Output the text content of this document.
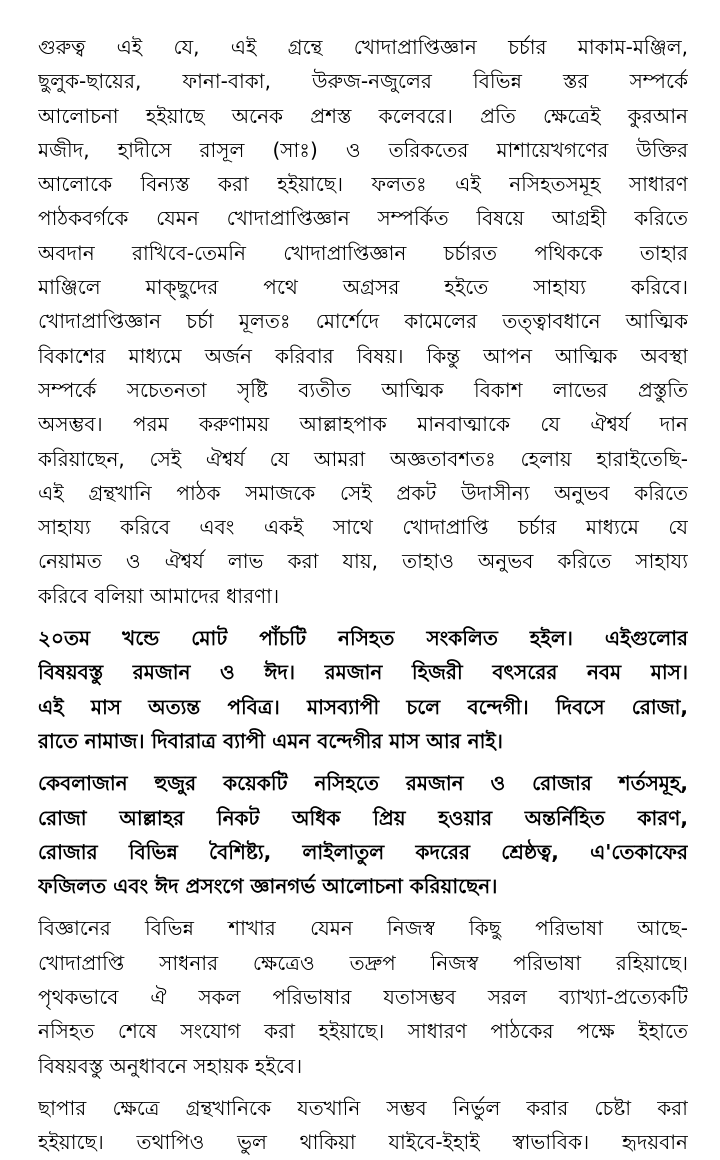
গুরুত্ব এই যে, এই গ্রন্থে খোদাপ্রাপ্তিজ্ঞান চর্চার মাকাম-মঞ্জিল,
ছুলুক-ছায়ের, ফানা-বাকা, উরুজ-নজুলের বিভিন্ন স্তর সম্পর্কে
আলোচনা হইয়াছে অনেক প্রশস্ত কলেবরে। প্রতি ক্ষেত্রেই কুরআন
মজীদ, হাদীসে রাসূল (সাঃ) ও তরিকতের মাশায়েখগণের উক্তির
আলোকে বিন্যস্ত করা হইয়াছে। ফলতঃ এই নসিহতসমূহ সাধারণ
পাঠকবর্গকে যেমন খোদাপ্রাপ্তিজ্ঞান সম্পর্কিত বিষয়ে আগ্রহী করিতে
অবদান রাখিবে-তেমনি খোদাপ্রাপ্তিজ্ঞান চর্চারত পথিককে তাহার
মাঞ্জিলে মাক্ছুদের পথে অগ্রসর হইতে সাহায্য করিবে।
খোদাপ্রাপ্তিজ্ঞান চর্চা মূলতঃ মোর্শেদে কামেলের তত্ত্বাবধানে আত্মিক
বিকাশের মাধ্যমে অর্জন করিবার বিষয়। কিন্তু আপন আত্মিক অবস্থা
সম্পর্কে সচেতনতা সৃষ্টি ব্যতীত আত্মিক বিকাশ লাভের প্রস্তুতি
অসম্ভব। পরম করুণাময় আল্লাহপাক মানবাত্মাকে যে ঐশ্বর্য দান
করিয়াছেন, সেই ঐশ্বর্য যে আমরা অজ্ঞতাবশতঃ হেলায় হারাইতেছি-
এই গ্রন্থখানি পাঠক সমাজকে সেই প্রকট উদাসীন্য অনুভব করিতে
সাহায্য করিবে এবং একই সাথে খোদাপ্রাপ্তি চর্চার মাধ্যমে যে
নেয়ামত ও ঐশ্বর্য লাভ করা যায়, তাহাও অনুভব করিতে সাহায্য
করিবে বলিয়া আমাদের ধারণা।
২০তম খন্ডে মোট পাঁচটি নসিহত সংকলিত হইল। এইগুলোর
বিষয়বস্তু রমজান ও ঈদ। রমজান হিজরী বৎসরের নবম মাস।
এই মাস অত্যন্ত পবিত্র। মাসব্যাপী চলে বন্দেগী। দিবসে রোজা,
রাতে নামাজ। দিবারাত্র ব্যাপী এমন বন্দেগীর মাস আর নাই।
কেবলাজান হুজুর কয়েকটি নসিহতে রমজান ও রোজার শর্তসমূহ,
রোজা আল্লাহর নিকট অধিক প্রিয় হওয়ার অন্তর্নিহিত কারণ,
রোজার বিভিন্ন বৈশিষ্ট্য, লাইলাতুল কদরের শ্রেষ্ঠত্ব, এ'তেকাফের
ফজিলত এবং ঈদ প্রসংগে জ্ঞানগর্ভ আলোচনা করিয়াছেন।
বিজ্ঞানের বিভিন্ন শাখার যেমন নিজস্ব কিছু পরিভাষা আছে-
খোদাপ্রাপ্তি সাধনার ক্ষেত্রেও তদ্রুপ নিজস্ব পরিভাষা রহিয়াছে।
পৃথকভাবে ঐ সকল পরিভাষার যতাসম্ভব সরল ব্যাখ্যা-প্রত্যেকটি
নসিহত শেষে সংযোগ করা হইয়াছে। সাধারণ পাঠকের পক্ষে ইহাতে
বিষয়বস্তু অনুধাবনে সহায়ক হইবে।
ছাপার ক্ষেত্রে গ্রন্থখানিকে যতখানি সম্ভব নির্ভুল করার চেষ্টা করা
হইয়াছে। তথাপিও ভুল থাকিয়া যাইবে-ইহাই স্বাভাবিক। হৃদয়বান
